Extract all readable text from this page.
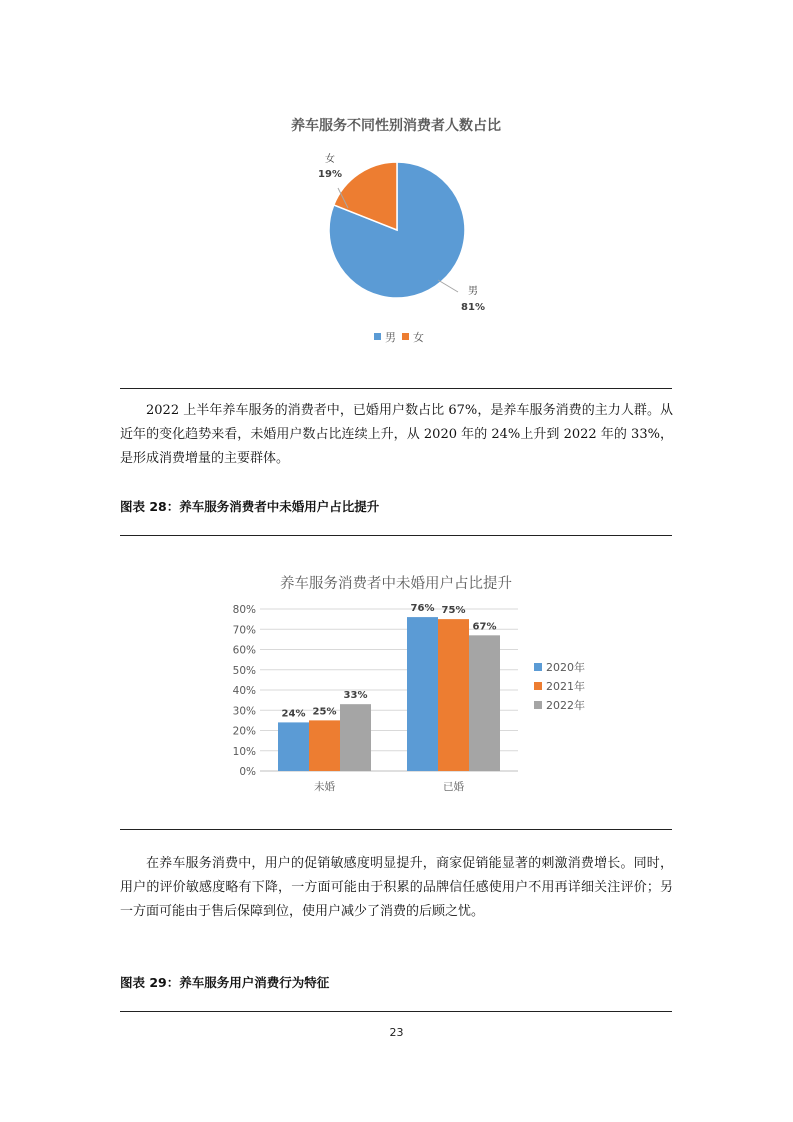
养车服务不同性别消费者人数占比
女
19%
男
81%
男 女

2022 上半年养车服务的消费者中，已婚用户数占比 67%，是养车服务消费的主力人群。从近年的变化趋势来看，未婚用户数占比连续上升，从 2020 年的 24%上升到 2022 年的 33%，是形成消费增量的主要群体。

图表 28：养车服务消费者中未婚用户占比提升
养车服务消费者中未婚用户占比提升
0%
10%
20%
30%
40%
50%
60%
70%
80%
24% 25%
33%
76% 75%
67%
未婚	已婚
2020年
2021年
2022年

在养车服务消费中，用户的促销敏感度明显提升，商家促销能显著的刺激消费增长。同时，用户的评价敏感度略有下降，一方面可能由于积累的品牌信任感使用户不用再详细关注评价；另一方面可能由于售后保障到位，使用户减少了消费的后顾之忧。

图表 29：养车服务用户消费行为特征
23
